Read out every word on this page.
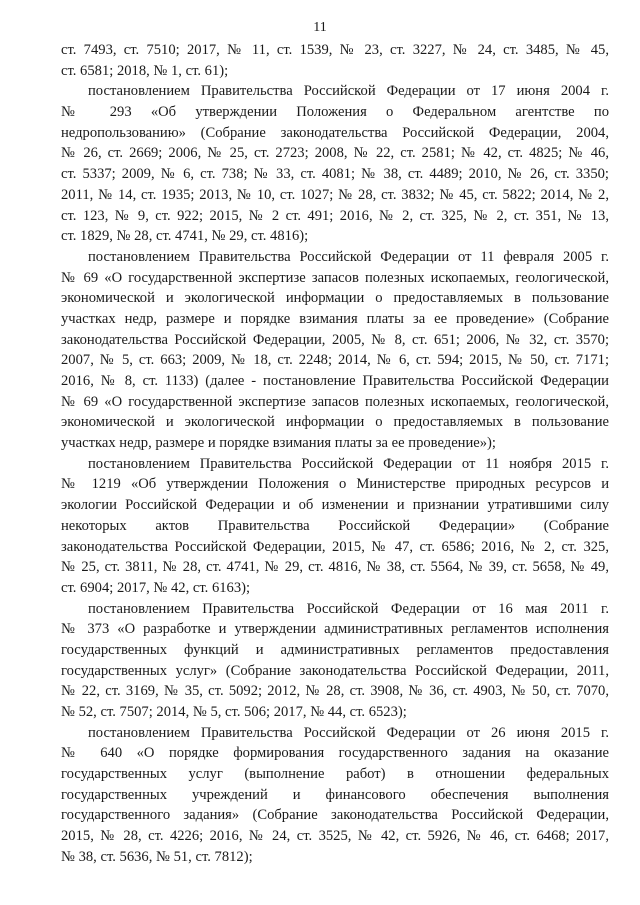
11
ст. 7493, ст. 7510; 2017, № 11, ст. 1539, № 23, ст. 3227, № 24, ст. 3485, № 45,
ст. 6581; 2018, № 1, ст. 61);
постановлением Правительства Российской Федерации от 17 июня 2004 г.
№ 293 «Об утверждении Положения о Федеральном агентстве по
недропользованию» (Собрание законодательства Российской Федерации, 2004,
№ 26, ст. 2669; 2006, № 25, ст. 2723; 2008, № 22, ст. 2581; № 42, ст. 4825; № 46,
ст. 5337; 2009, № 6, ст. 738; № 33, ст. 4081; № 38, ст. 4489; 2010, № 26, ст. 3350;
2011, № 14, ст. 1935; 2013, № 10, ст. 1027; № 28, ст. 3832; № 45, ст. 5822; 2014, № 2,
ст. 123, № 9, ст. 922; 2015, № 2 ст. 491; 2016, № 2, ст. 325, № 2, ст. 351, № 13,
ст. 1829, № 28, ст. 4741, № 29, ст. 4816);
постановлением Правительства Российской Федерации от 11 февраля 2005 г.
№ 69 «О государственной экспертизе запасов полезных ископаемых, геологической,
экономической и экологической информации о предоставляемых в пользование
участках недр, размере и порядке взимания платы за ее проведение» (Собрание
законодательства Российской Федерации, 2005, № 8, ст. 651; 2006, № 32, ст. 3570;
2007, № 5, ст. 663; 2009, № 18, ст. 2248; 2014, № 6, ст. 594; 2015, № 50, ст. 7171;
2016, № 8, ст. 1133) (далее - постановление Правительства Российской Федерации
№ 69 «О государственной экспертизе запасов полезных ископаемых, геологической,
экономической и экологической информации о предоставляемых в пользование
участках недр, размере и порядке взимания платы за ее проведение»);
постановлением Правительства Российской Федерации от 11 ноября 2015 г.
№ 1219 «Об утверждении Положения о Министерстве природных ресурсов и
экологии Российской Федерации и об изменении и признании утратившими силу
некоторых актов Правительства Российской Федерации» (Собрание
законодательства Российской Федерации, 2015, № 47, ст. 6586; 2016, № 2, ст. 325,
№ 25, ст. 3811, № 28, ст. 4741, № 29, ст. 4816, № 38, ст. 5564, № 39, ст. 5658, № 49,
ст. 6904; 2017, № 42, ст. 6163);
постановлением Правительства Российской Федерации от 16 мая 2011 г.
№ 373 «О разработке и утверждении административных регламентов исполнения
государственных функций и административных регламентов предоставления
государственных услуг» (Собрание законодательства Российской Федерации, 2011,
№ 22, ст. 3169, № 35, ст. 5092; 2012, № 28, ст. 3908, № 36, ст. 4903, № 50, ст. 7070,
№ 52, ст. 7507; 2014, № 5, ст. 506; 2017, № 44, ст. 6523);
постановлением Правительства Российской Федерации от 26 июня 2015 г.
№ 640 «О порядке формирования государственного задания на оказание
государственных услуг (выполнение работ) в отношении федеральных
государственных учреждений и финансового обеспечения выполнения
государственного задания» (Собрание законодательства Российской Федерации,
2015, № 28, ст. 4226; 2016, № 24, ст. 3525, № 42, ст. 5926, № 46, ст. 6468; 2017,
№ 38, ст. 5636, № 51, ст. 7812);
